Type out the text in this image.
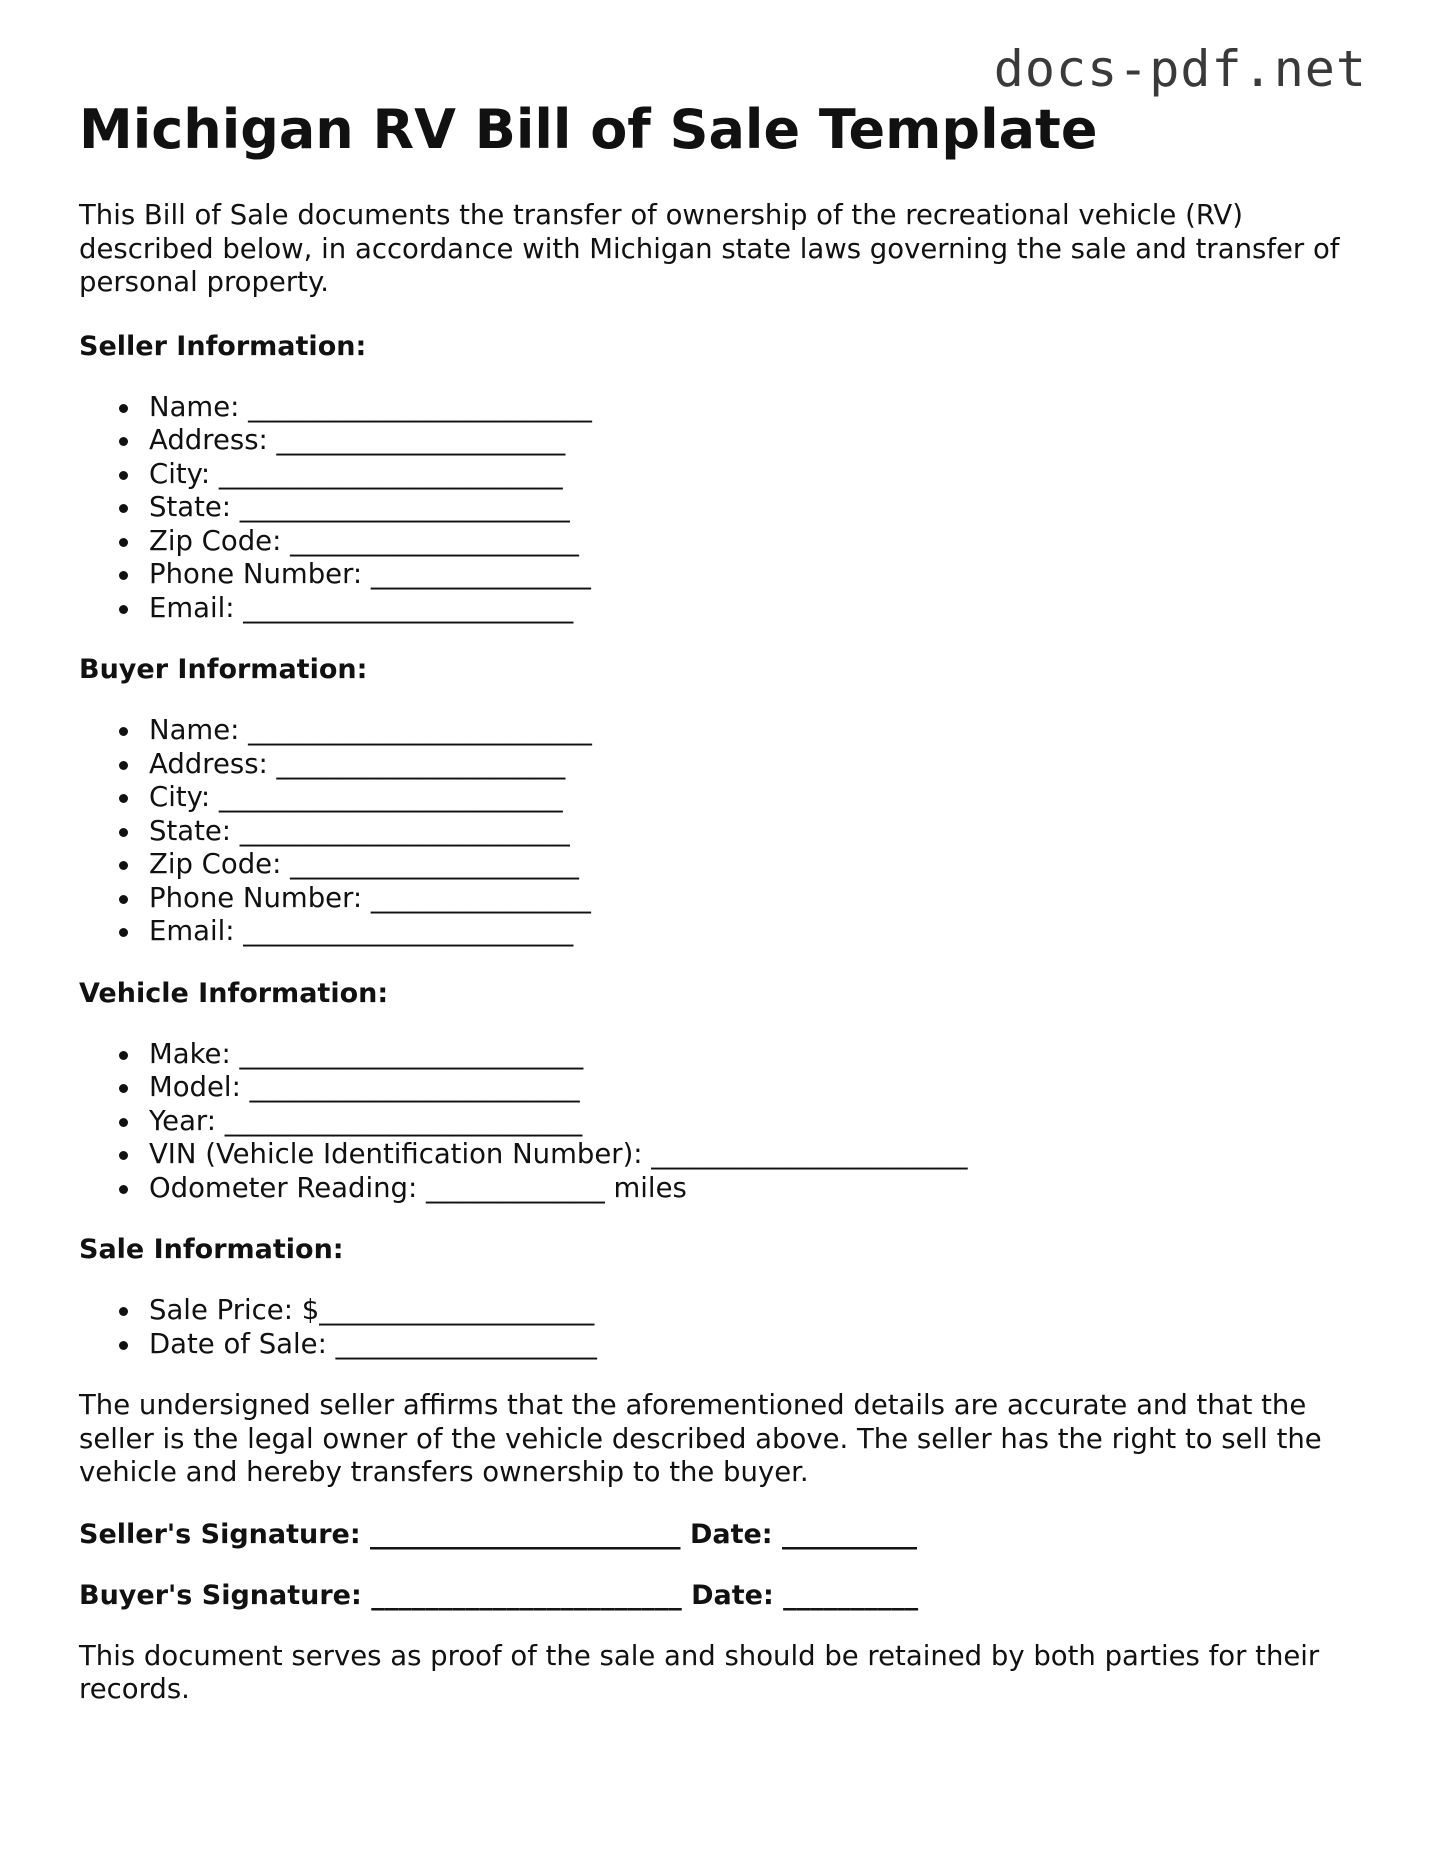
docs-pdf.net
Michigan RV Bill of Sale Template

This Bill of Sale documents the transfer of ownership of the recreational vehicle (RV) described below, in accordance with Michigan state laws governing the sale and transfer of personal property.

Seller Information:
Name: _________________________
Address: _____________________
City: _________________________
State: ________________________
Zip Code: _____________________
Phone Number: ________________
Email: ________________________
Buyer Information:
Name: _________________________
Address: _____________________
City: _________________________
State: ________________________
Zip Code: _____________________
Phone Number: ________________
Email: ________________________
Vehicle Information:
Make: _________________________
Model: ________________________
Year: __________________________
VIN (Vehicle Identification Number): _______________________
Odometer Reading: _____________ miles
Sale Information:
Sale Price: $____________________
Date of Sale: ___________________

The undersigned seller affirms that the aforementioned details are accurate and that the seller is the legal owner of the vehicle described above. The seller has the right to sell the vehicle and hereby transfers ownership to the buyer.

Seller's Signature: _______________________ Date: __________
Buyer's Signature: _______________________ Date: __________

This document serves as proof of the sale and should be retained by both parties for their records.
